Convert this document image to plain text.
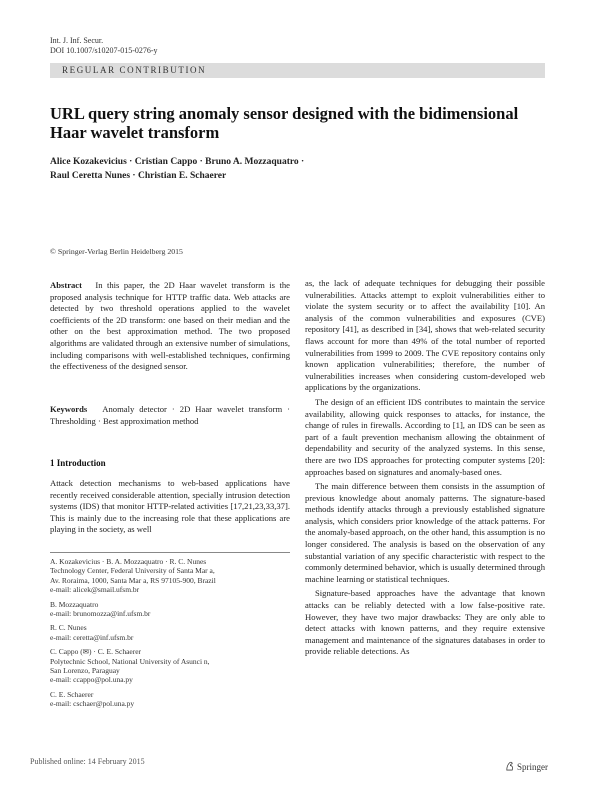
Int. J. Inf. Secur.
DOI 10.1007/s10207-015-0276-y
REGULAR CONTRIBUTION
URL query string anomaly sensor designed with the bidimensional Haar wavelet transform
Alice Kozakevicius · Cristian Cappo · Bruno A. Mozzaquatro ·
Raul Ceretta Nunes · Christian E. Schaerer
© Springer-Verlag Berlin Heidelberg 2015
Abstract In this paper, the 2D Haar wavelet transform is the proposed analysis technique for HTTP traffic data. Web attacks are detected by two threshold operations applied to the wavelet coefficients of the 2D transform: one based on their median and the other on the best approximation method. The two proposed algorithms are validated through an extensive number of simulations, including comparisons with well-established techniques, confirming the effectiveness of the designed sensor.
Keywords Anomaly detector · 2D Haar wavelet transform · Thresholding · Best approximation method
1 Introduction

Attack detection mechanisms to web-based applications have recently received considerable attention, specially intrusion detection systems (IDS) that monitor HTTP-related activities [17,21,23,33,37]. This is mainly due to the increasing role that these applications are playing in the society, as well

A. Kozakevicius · B. A. Mozzaquatro · R. C. Nunes
Technology Center, Federal University of Santa Mar a,
Av. Roraima, 1000, Santa Mar a, RS 97105-900, Brazil
e-mail: alicek@smail.ufsm.br
B. Mozzaquatro
e-mail: brunomozza@inf.ufsm.br
R. C. Nunes
e-mail: ceretta@inf.ufsm.br
C. Cappo (✉) · C. E. Schaerer
Polytechnic School, National University of Asunci n,
San Lorenzo, Paraguay
e-mail: ccappo@pol.una.py
C. E. Schaerer
e-mail: cschaer@pol.una.py

as, the lack of adequate techniques for debugging their possible vulnerabilities. Attacks attempt to exploit vulnerabilities either to violate the system security or to affect the availability [10]. An analysis of the common vulnerabilities and exposures (CVE) repository [41], as described in [34], shows that web-related security flaws account for more than 49% of the total number of reported vulnerabilities from 1999 to 2009. The CVE repository contains only known application vulnerabilities; therefore, the number of vulnerabilities increases when considering custom-developed web applications by the organizations.

The design of an efficient IDS contributes to maintain the service availability, allowing quick responses to attacks, for instance, the change of rules in firewalls. According to [1], an IDS can be seen as part of a fault prevention mechanism allowing the obtainment of dependability and security of the analyzed systems. In this sense, there are two IDS approaches for protecting computer systems [20]: approaches based on signatures and anomaly-based ones.

The main difference between them consists in the assumption of previous knowledge about anomaly patterns. The signature-based methods identify attacks through a previously established signature analysis, which considers prior knowledge of the attack patterns. For the anomaly-based approach, on the other hand, this assumption is no longer considered. The analysis is based on the observation of any substantial variation of any specific characteristic with respect to the commonly determined behavior, which is usually determined through machine learning or statistical techniques.

Signature-based approaches have the advantage that known attacks can be reliably detected with a low false-positive rate. However, they have two major drawbacks: They are only able to detect attacks with known patterns, and they require extensive management and maintenance of the signatures databases in order to provide reliable detections. As

Published online: 14 February 2015
Springer
